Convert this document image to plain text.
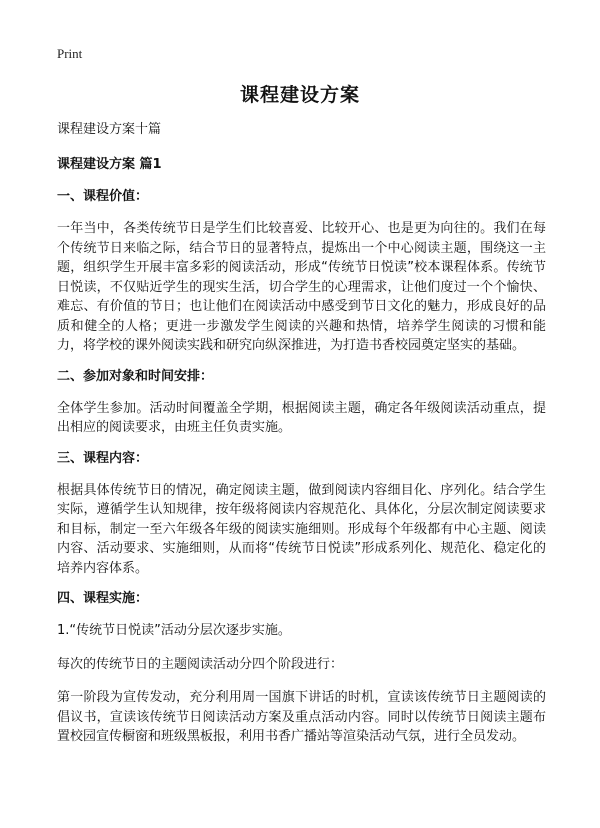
Print
课程建设方案
课程建设方案十篇
课程建设方案 篇1
一、课程价值：
一年当中，各类传统节日是学生们比较喜爱、比较开心、也是更为向往的。我们在每个传统节日来临之际，结合节日的显著特点，提炼出一个中心阅读主题，围绕这一主题，组织学生开展丰富多彩的阅读活动，形成“传统节日悦读”校本课程体系。传统节日悦读，不仅贴近学生的现实生活，切合学生的心理需求，让他们度过一个个愉快、难忘、有价值的节日；也让他们在阅读活动中感受到节日文化的魅力，形成良好的品质和健全的人格；更进一步激发学生阅读的兴趣和热情，培养学生阅读的习惯和能力，将学校的课外阅读实践和研究向纵深推进，为打造书香校园奠定坚实的基础。
二、参加对象和时间安排：
全体学生参加。活动时间覆盖全学期，根据阅读主题，确定各年级阅读活动重点，提出相应的阅读要求，由班主任负责实施。
三、课程内容：
根据具体传统节日的情况，确定阅读主题，做到阅读内容细目化、序列化。结合学生实际，遵循学生认知规律，按年级将阅读内容规范化、具体化，分层次制定阅读要求和目标，制定一至六年级各年级的阅读实施细则。形成每个年级都有中心主题、阅读内容、活动要求、实施细则，从而将“传统节日悦读”形成系列化、规范化、稳定化的培养内容体系。
四、课程实施：
1.“传统节日悦读”活动分层次逐步实施。
每次的传统节日的主题阅读活动分四个阶段进行：
第一阶段为宣传发动，充分利用周一国旗下讲话的时机，宣读该传统节日主题阅读的倡议书，宣读该传统节日阅读活动方案及重点活动内容。同时以传统节日阅读主题布置校园宣传橱窗和班级黑板报，利用书香广播站等渲染活动气氛，进行全员发动。
